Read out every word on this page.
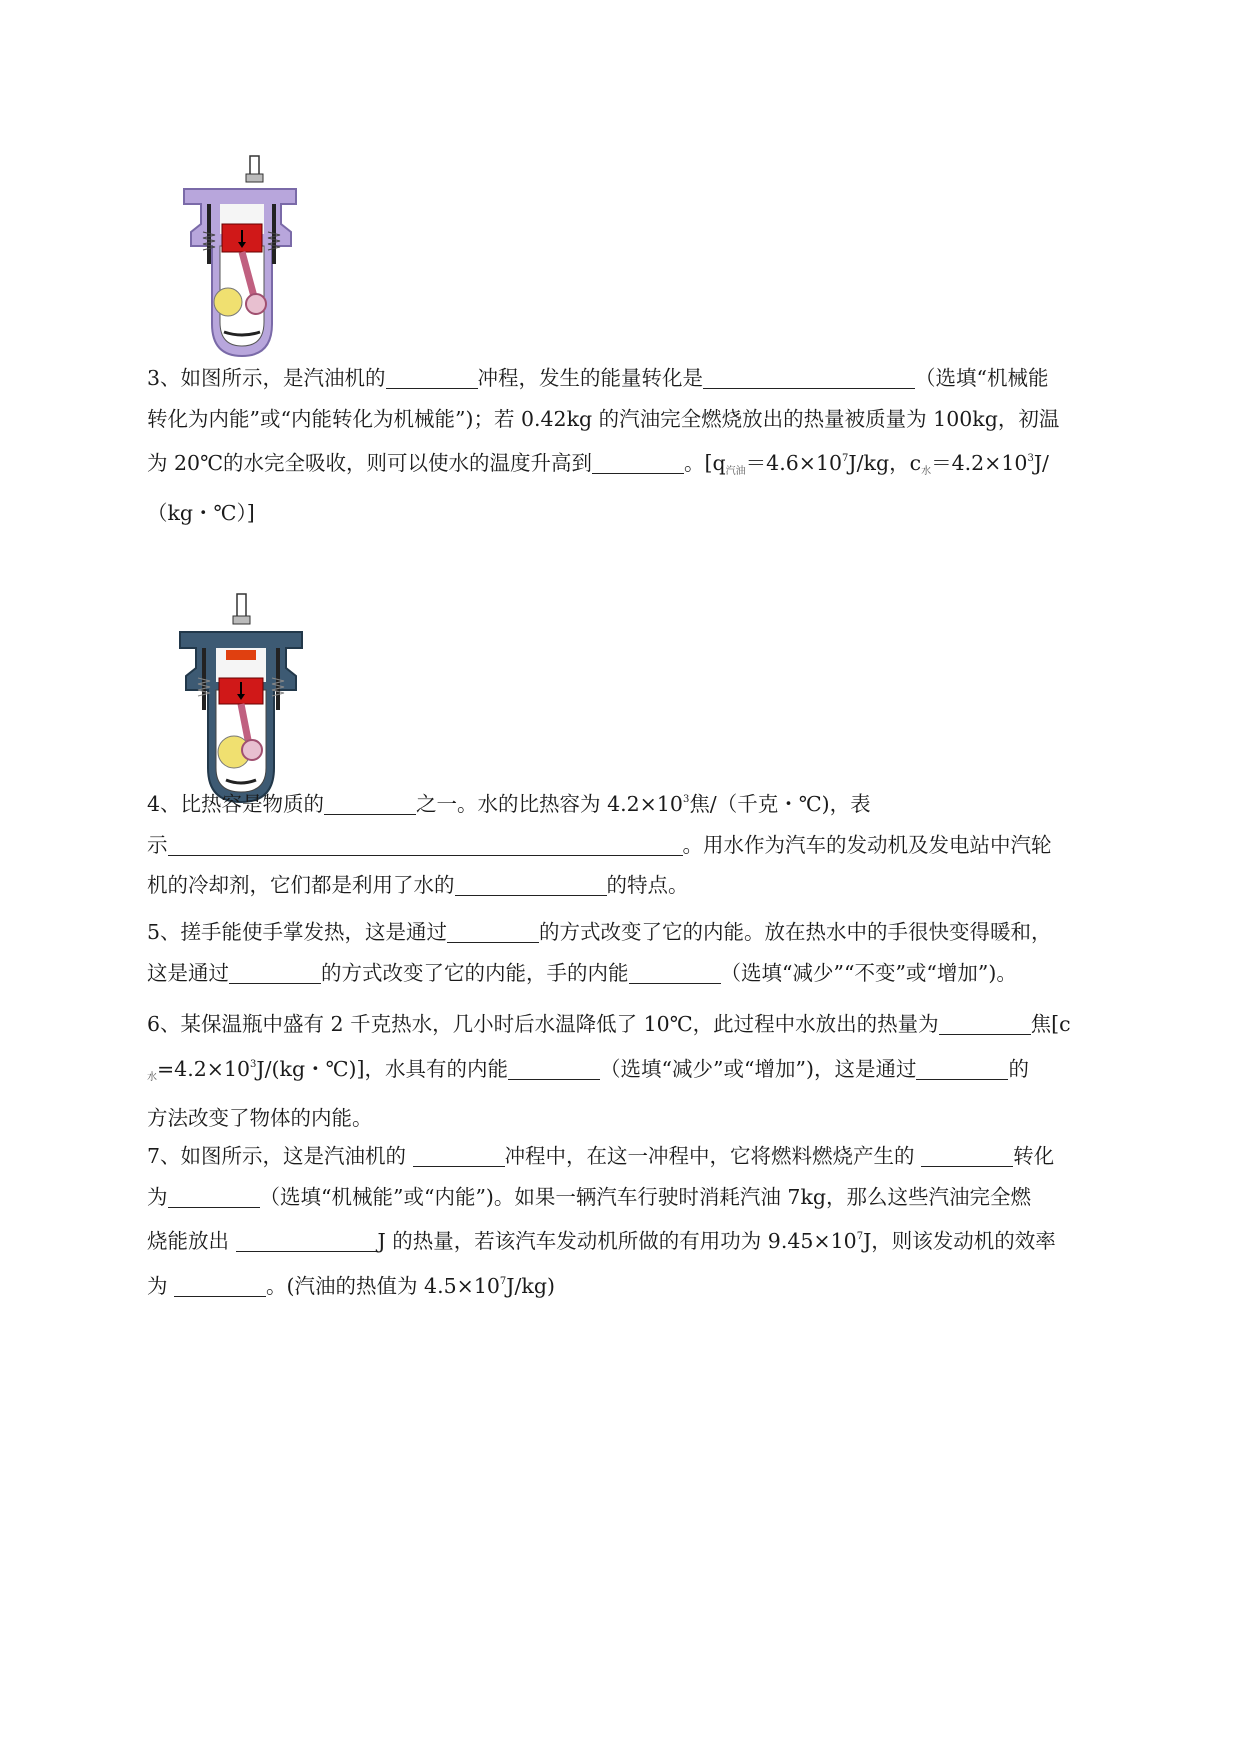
3、如图所示，是汽油机的	冲程，发生的能量转化是	（选填“机械能
转化为内能”或“内能转化为机械能”)；若 0.42kg 的汽油完全燃烧放出的热量被质量为 100kg，初温
为 20℃的水完全吸收，则可以使水的温度升高到	。[$q_{汽油}=4.6\times 10^7J/kg$，$c_水=4.2\times 10^3J/$
（kg・℃）]
4、比热容是物质的	之一。水的比热容为 $4.2\times 10^3$焦/（千克・℃)，表
示	。用水作为汽车的发动机及发电站中汽轮
机的冷却剂，它们都是利用了水的	的特点。
5、搓手能使手掌发热，这是通过	的方式改变了它的内能。放在热水中的手很快变得暖和，
这是通过	的方式改变了它的内能，手的内能	（选填“减少”“不变”或“增加”)。
6、某保温瓶中盛有 2 千克热水，几小时后水温降低了 10℃，此过程中水放出的热量为	焦[c
$_水=4.2\times 10^3J/(kg$・℃)]，水具有的内能	（选填“减少”或“增加”)，这是通过	的
方法改变了物体的内能。
7、如图所示，这是汽油机的	冲程中，在这一冲程中，它将燃料燃烧产生的	转化
为	（选填“机械能”或“内能”)。如果一辆汽车行驶时消耗汽油 7kg，那么这些汽油完全燃
烧能放出	J 的热量，若该汽车发动机所做的有用功为 $9.45\times 10^7J$，则该发动机的效率
为	。(汽油的热值为 $4.5\times 10^7J/kg$)
